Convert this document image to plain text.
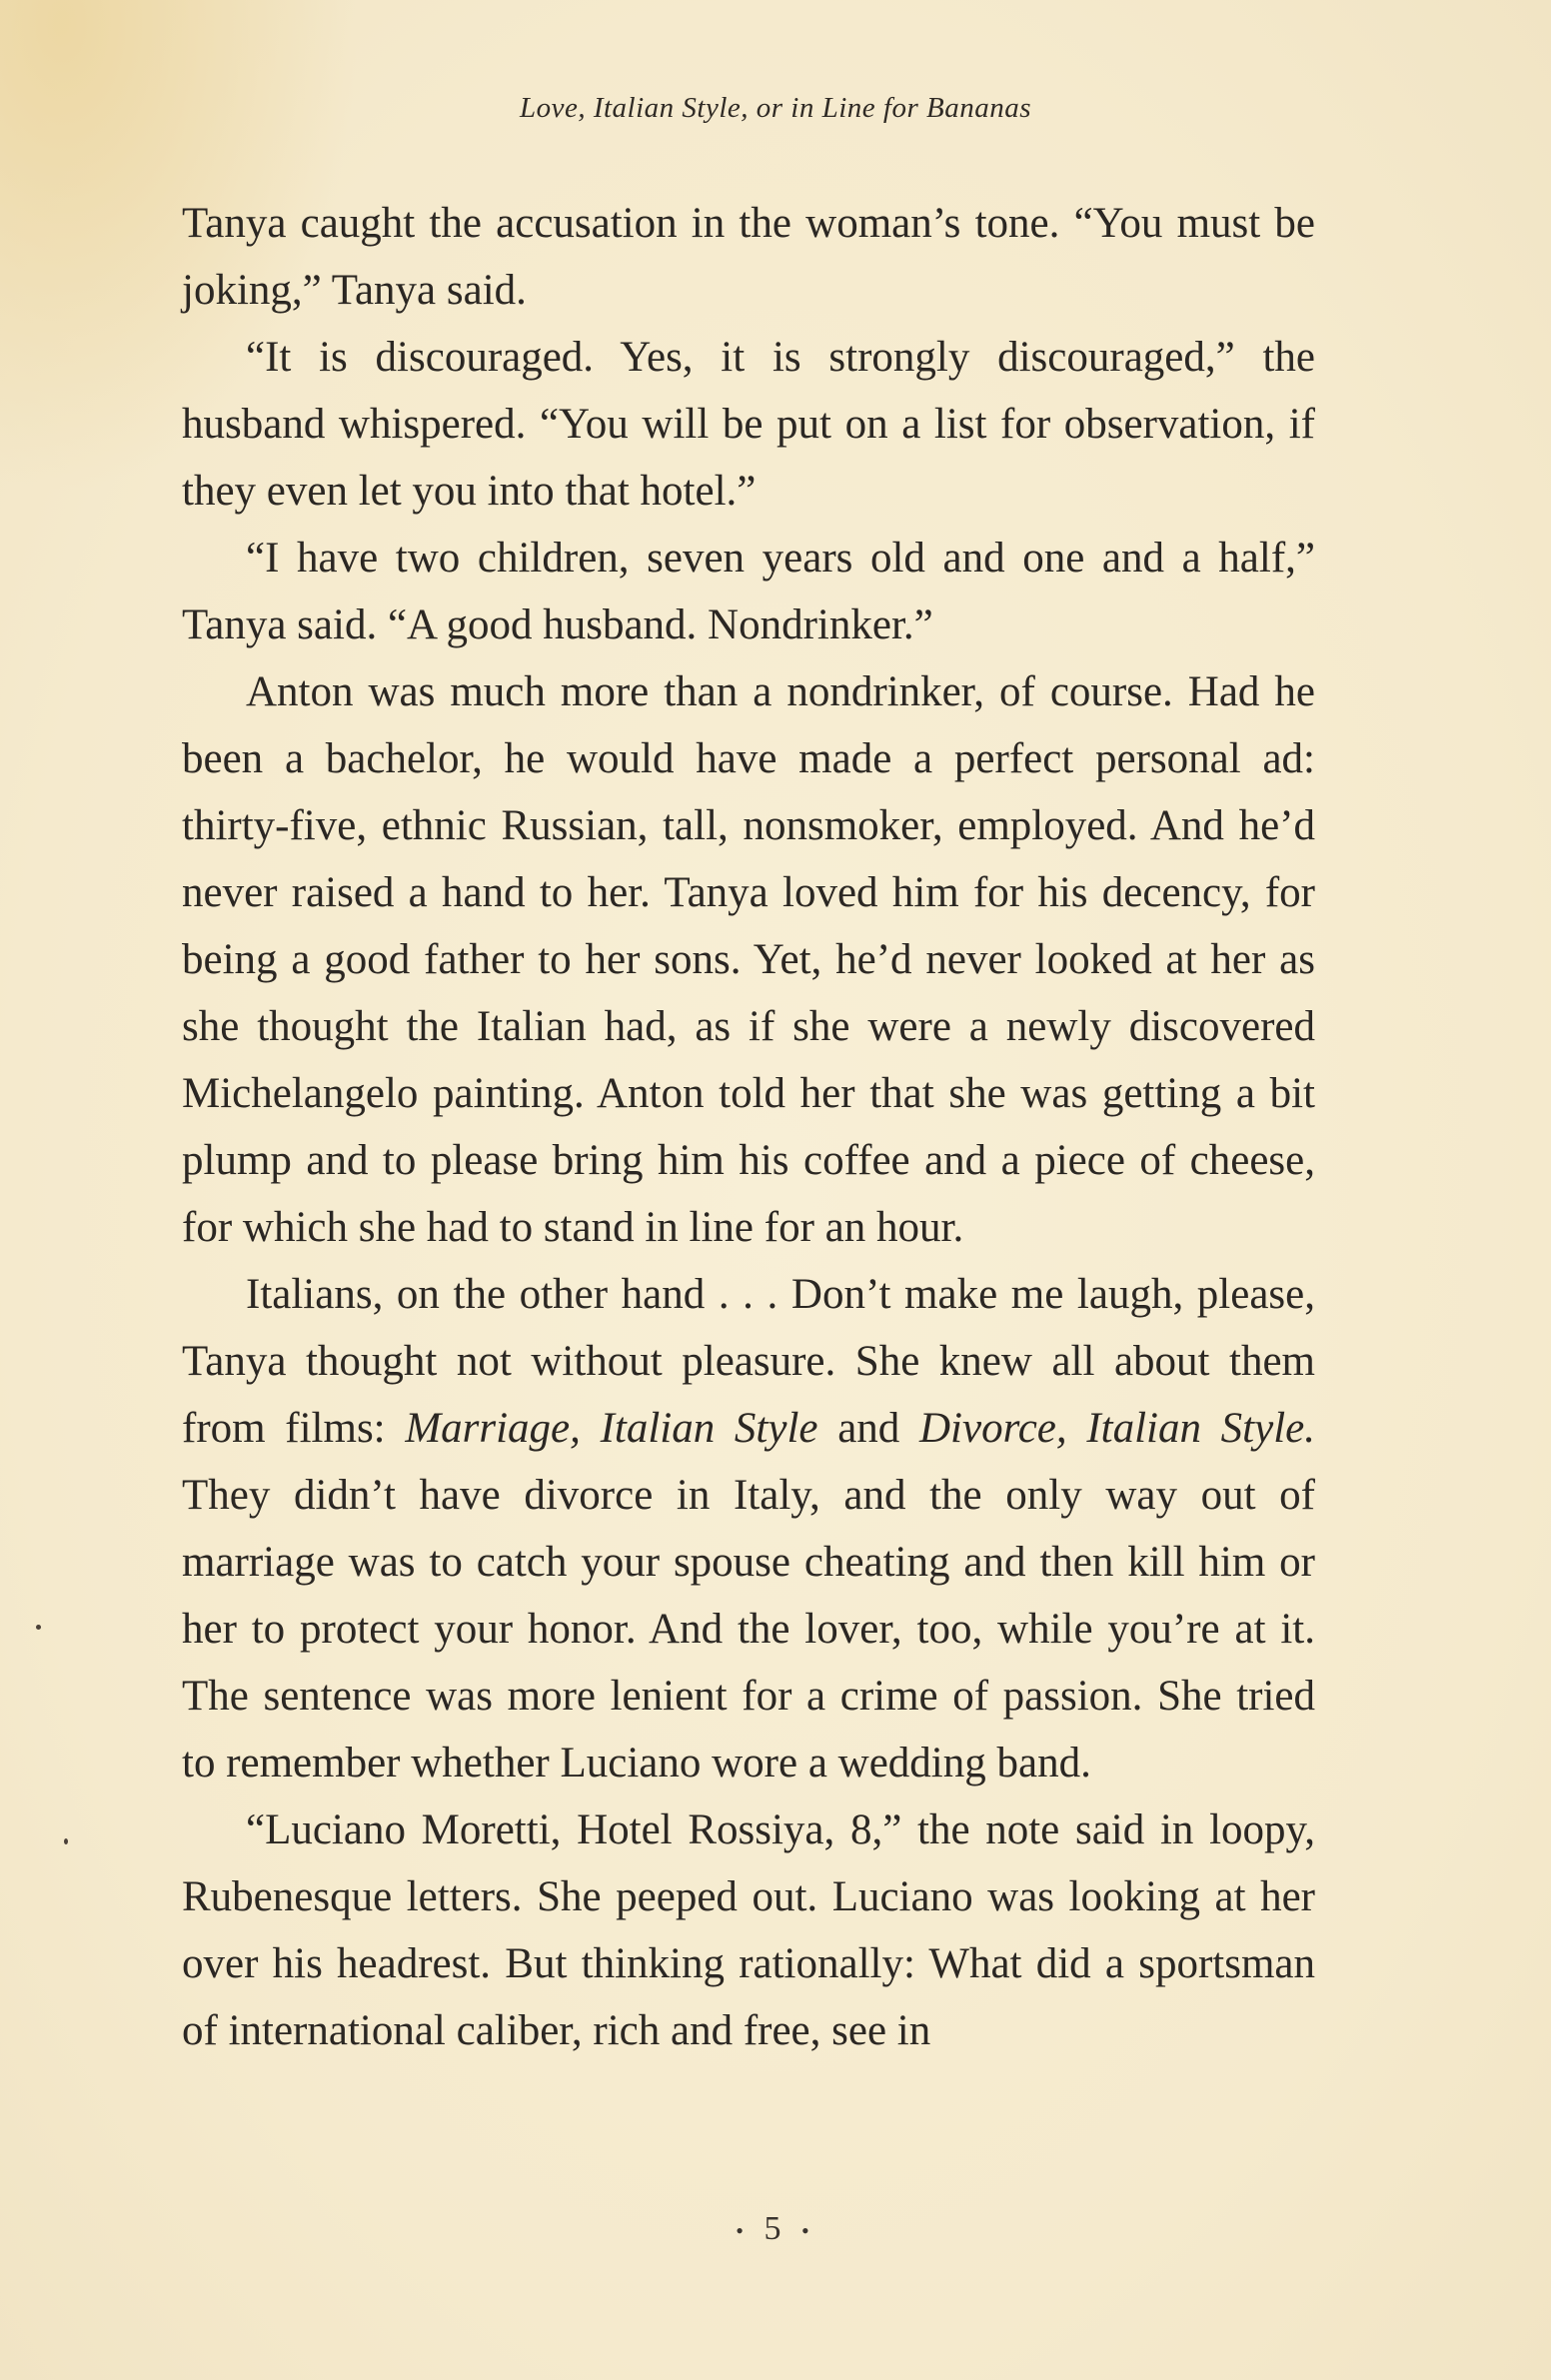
Love, Italian Style, or in Line for Bananas

Tanya caught the accusation in the woman’s tone. “You must be joking,” Tanya said.

“It is discouraged. Yes, it is strongly discouraged,” the husband whispered. “You will be put on a list for observation, if they even let you into that hotel.”

“I have two children, seven years old and one and a half,” Tanya said. “A good husband. Nondrinker.”

Anton was much more than a nondrinker, of course. Had he been a bachelor, he would have made a perfect personal ad: thirty-five, ethnic Russian, tall, nonsmoker, employed. And he’d never raised a hand to her. Tanya loved him for his decency, for being a good father to her sons. Yet, he’d never looked at her as she thought the Italian had, as if she were a newly discovered Michelangelo painting. Anton told her that she was getting a bit plump and to please bring him his coffee and a piece of cheese, for which she had to stand in line for an hour.

Italians, on the other hand . . . Don’t make me laugh, please, Tanya thought not without pleasure. She knew all about them from films: Marriage, Italian Style and Divorce, Italian Style. They didn’t have divorce in Italy, and the only way out of marriage was to catch your spouse cheating and then kill him or her to protect your honor. And the lover, too, while you’re at it. The sentence was more lenient for a crime of passion. She tried to remember whether Luciano wore a wedding band.

“Luciano Moretti, Hotel Rossiya, 8,” the note said in loopy, Rubenesque letters. She peeped out. Luciano was looking at her over his headrest. But thinking rationally: What did a sportsman of international caliber, rich and free, see in

• 5 •
